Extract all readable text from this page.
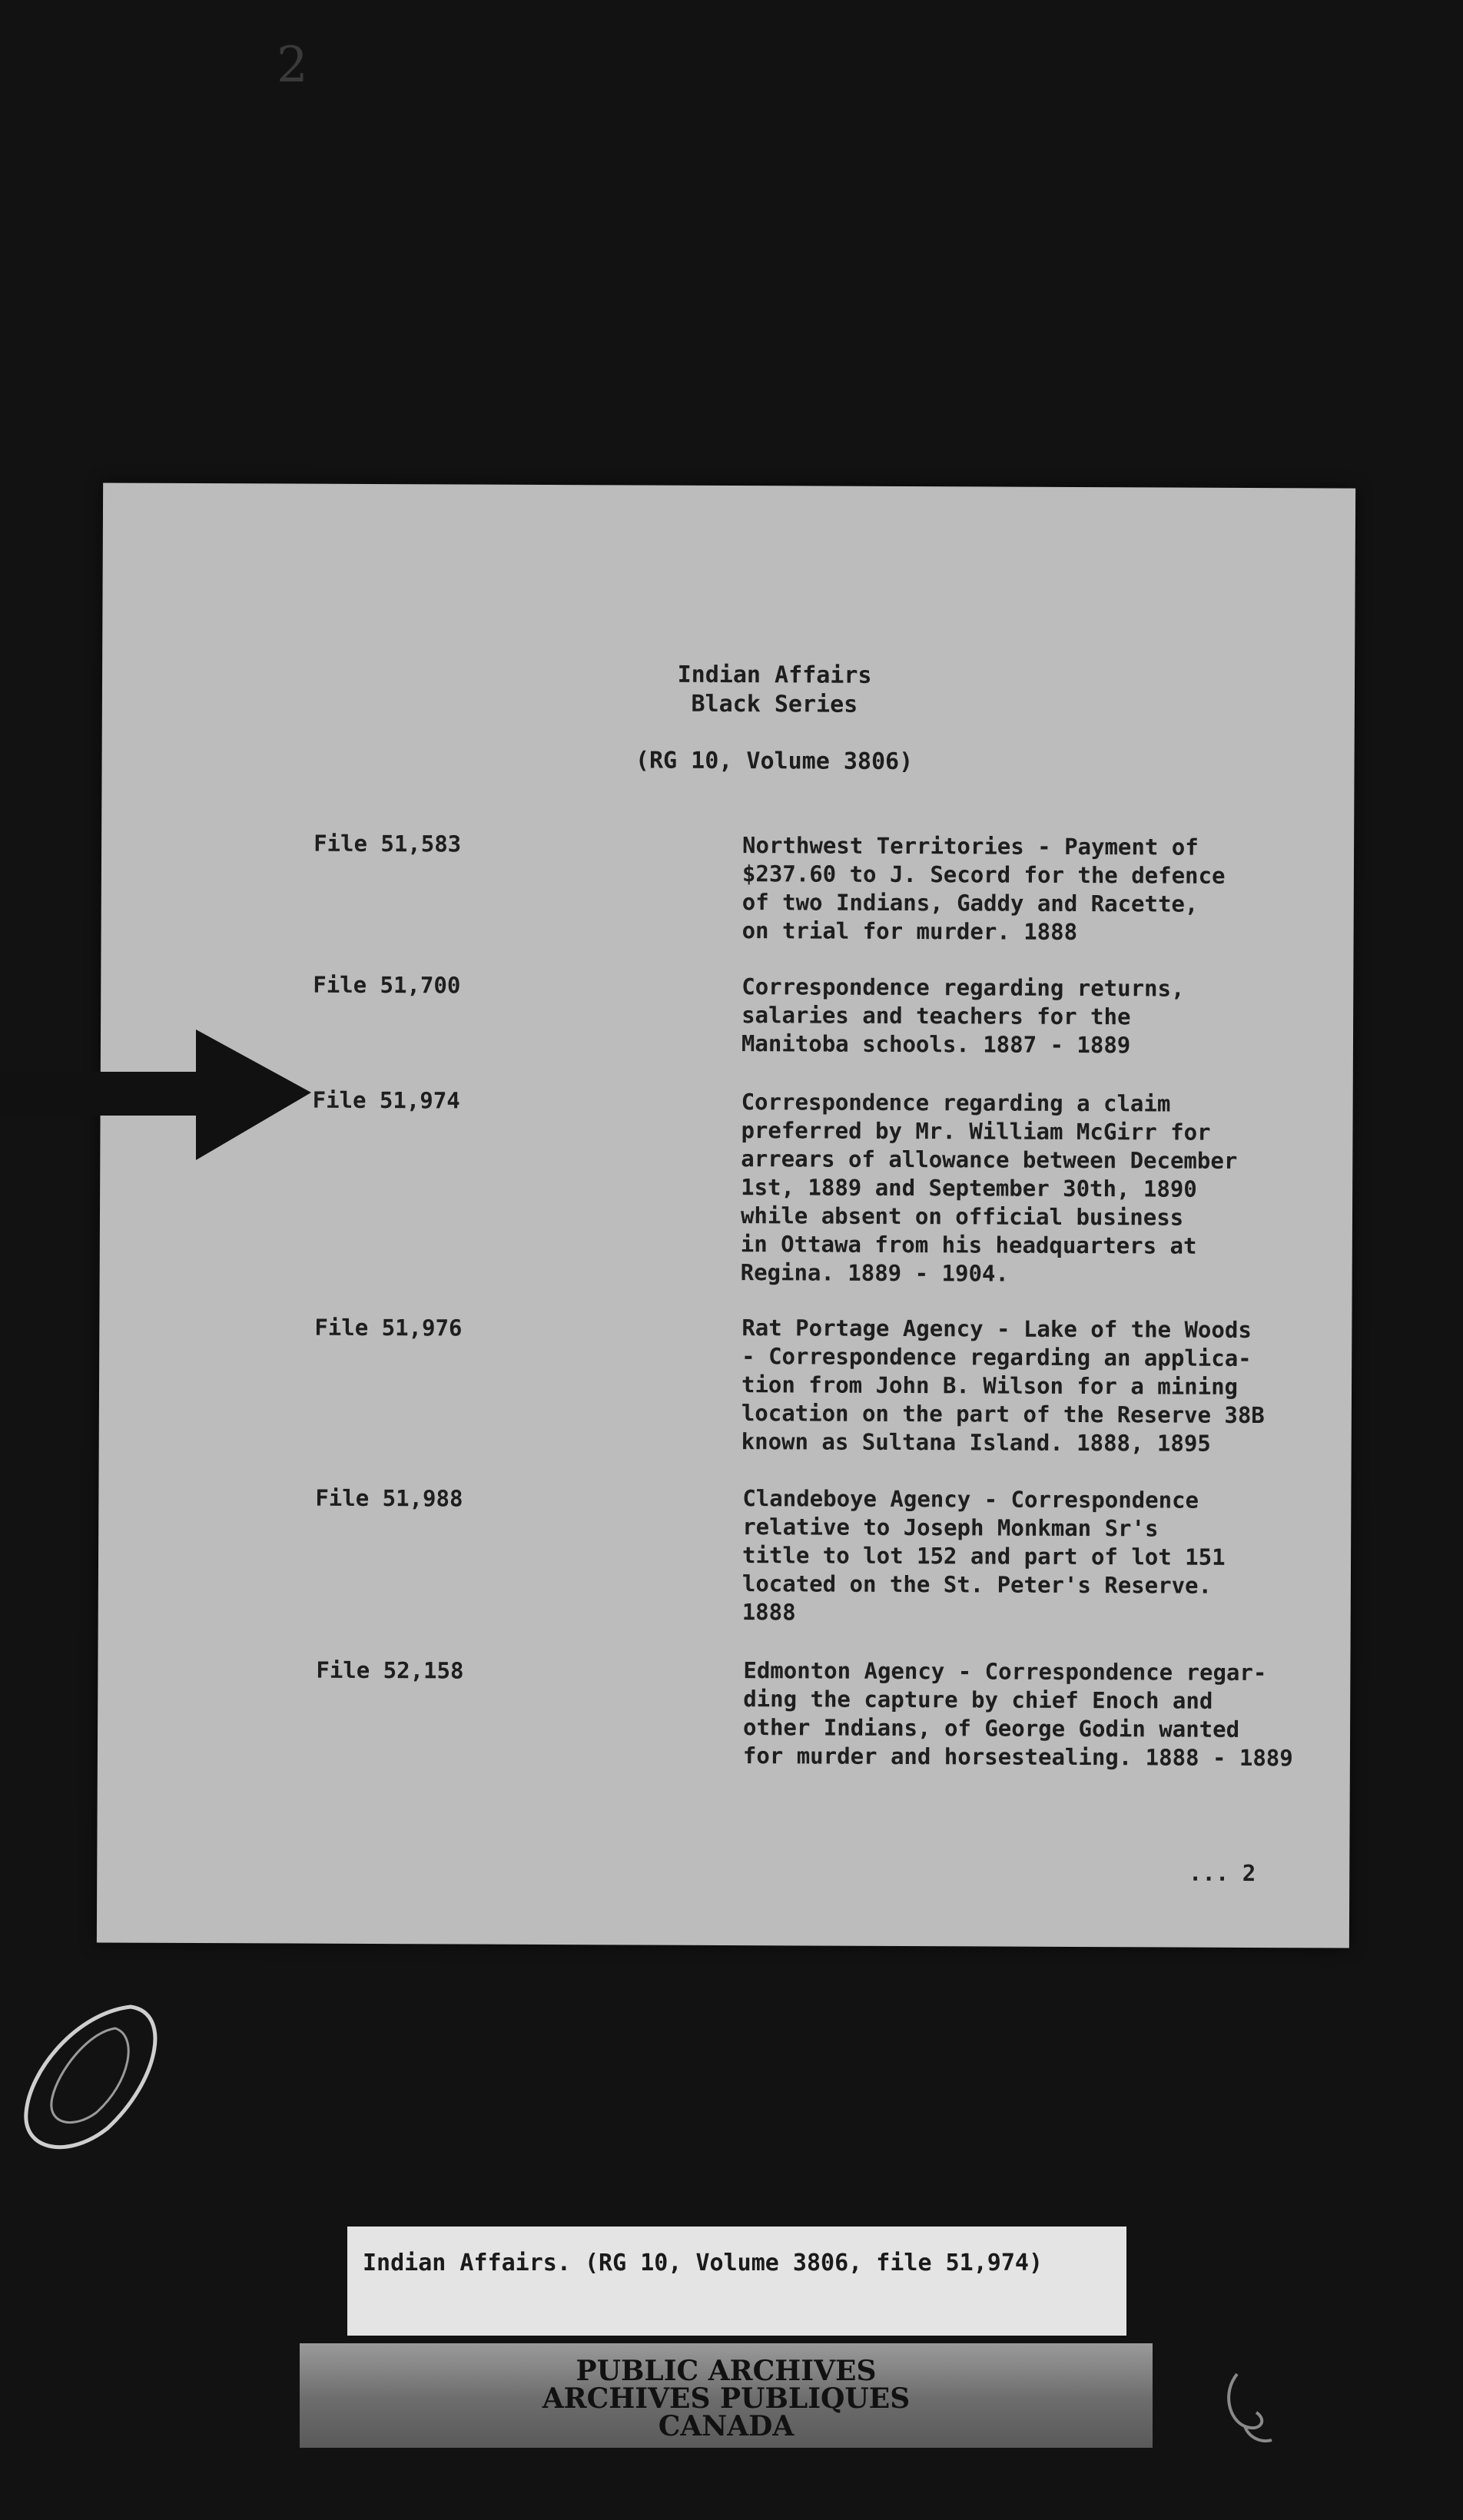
2
Indian Affairs
Black Series
(RG 10, Volume 3806)
File 51,583	Northwest Territories - Payment of
$237.60 to J. Secord for the defence
of two Indians, Gaddy and Racette,
on trial for murder. 1888
File 51,700	Correspondence regarding returns,
salaries and teachers for the
Manitoba schools. 1887 - 1889
File 51,974	Correspondence regarding a claim
preferred by Mr. William McGirr for
arrears of allowance between December
1st, 1889 and September 30th, 1890
while absent on official business
in Ottawa from his headquarters at
Regina. 1889 - 1904.
File 51,976	Rat Portage Agency - Lake of the Woods
- Correspondence regarding an applica-
tion from John B. Wilson for a mining
location on the part of the Reserve 38B
known as Sultana Island. 1888, 1895
File 51,988	Clandeboye Agency - Correspondence
relative to Joseph Monkman Sr's
title to lot 152 and part of lot 151
located on the St. Peter's Reserve.
1888
File 52,158	Edmonton Agency - Correspondence regar-
ding the capture by chief Enoch and
other Indians, of George Godin wanted
for murder and horsestealing. 1888 - 1889
... 2
Indian Affairs. (RG 10, Volume 3806, file 51,974)
PUBLIC ARCHIVES
ARCHIVES PUBLIQUES
CANADA
